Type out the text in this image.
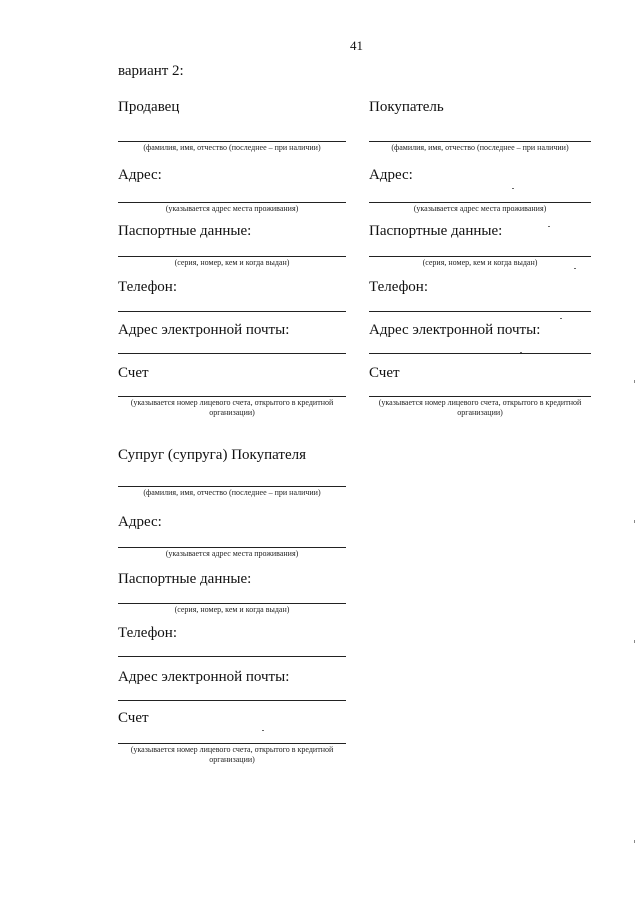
41
вариант 2:
Продавец
(фамилия, имя, отчество (последнее – при наличии)
Адрес:
(указывается адрес места проживания)
Паспортные данные:
(серия, номер, кем и когда выдан)
Телефон:
Адрес электронной почты:
Счет
(указывается номер лицевого счета, открытого в кредитной организации)
Покупатель
(фамилия, имя, отчество (последнее – при наличии)
Адрес:
(указывается адрес места проживания)
Паспортные данные:
(серия, номер, кем и когда выдан)
Телефон:
Адрес электронной почты:
Счет
(указывается номер лицевого счета, открытого в кредитной организации)
Супруг (супруга) Покупателя
(фамилия, имя, отчество (последнее – при наличии)
Адрес:
(указывается адрес места проживания)
Паспортные данные:
(серия, номер, кем и когда выдан)
Телефон:
Адрес электронной почты:
Счет
(указывается номер лицевого счета, открытого в кредитной организации)
